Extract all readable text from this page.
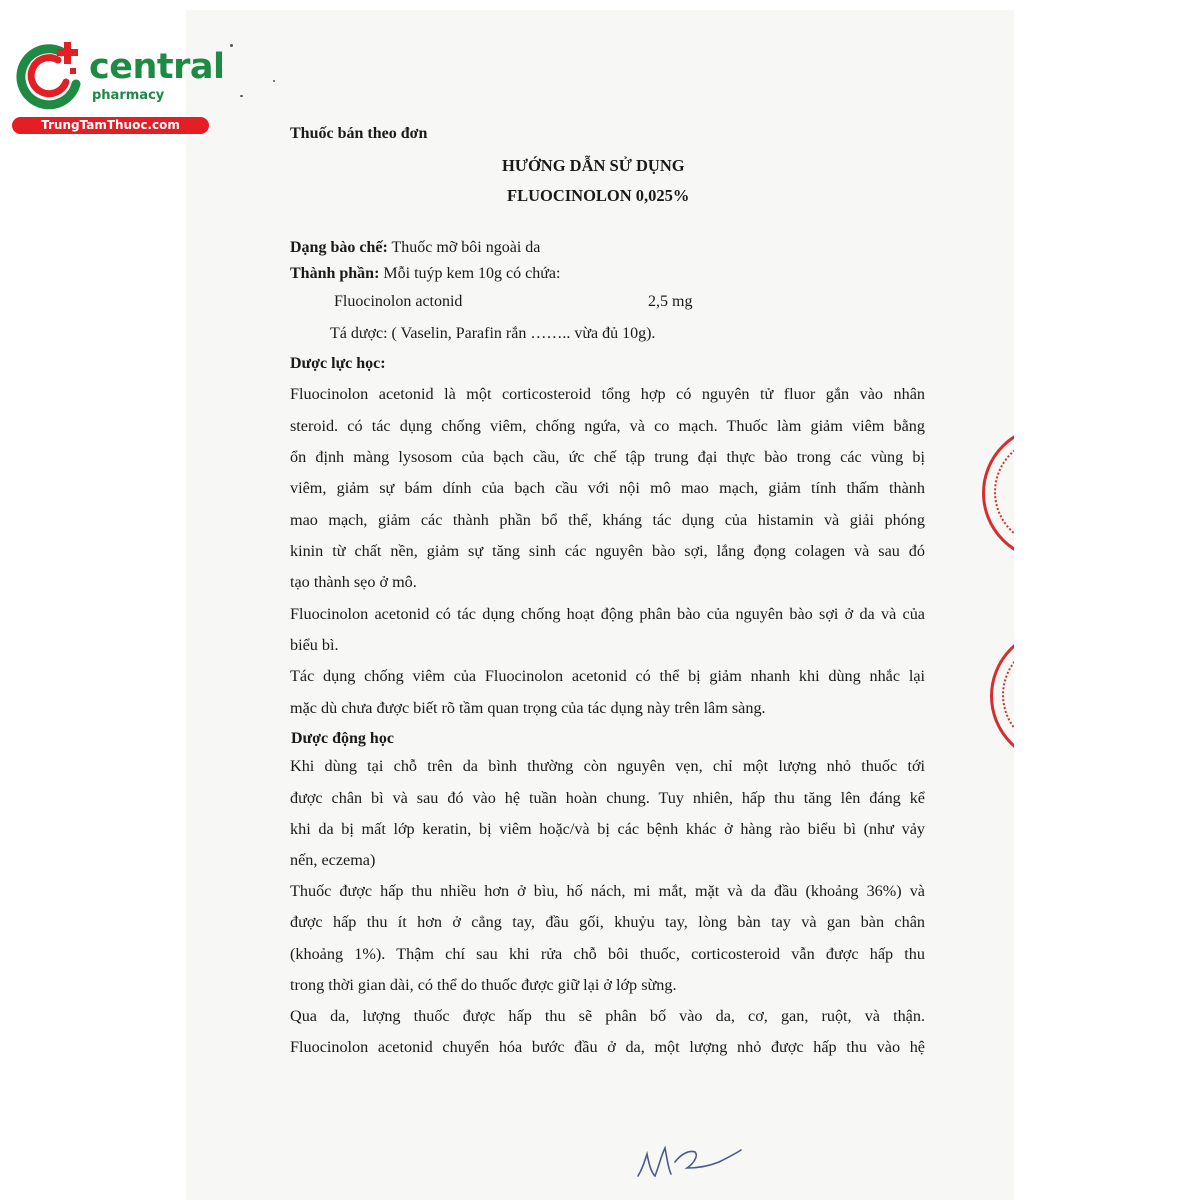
central
pharmacy
TrungTamThuoc.com	Thuốc bán theo đơn
HƯỚNG DẪN SỬ DỤNG
FLUOCINOLON 0,025%
Dạng bào chế: Thuốc mỡ bôi ngoài da
Thành phần: Mỗi tuýp kem 10g có chứa:
Fluocinolon actonid	2,5 mg
Tá dược: ( Vaselin, Parafin rắn …….. vừa đủ 10g).
Dược lực học:
Fluocinolon acetonid là một corticosteroid tổng hợp có nguyên tử fluor gắn vào nhân
steroid. có tác dụng chống viêm, chống ngứa, và co mạch. Thuốc làm giảm viêm bằng
ổn định màng lysosom của bạch cầu, ức chế tập trung đại thực bào trong các vùng bị
viêm, giảm sự bám dính của bạch cầu với nội mô mao mạch, giảm tính thấm thành
mao mạch, giảm các thành phần bổ thể, kháng tác dụng của histamin và giải phóng
kinin từ chất nền, giảm sự tăng sinh các nguyên bào sợi, lắng đọng colagen và sau đó
tạo thành sẹo ở mô.
Fluocinolon acetonid có tác dụng chống hoạt động phân bào của nguyên bào sợi ở da và của
biểu bì.
Tác dụng chống viêm của Fluocinolon acetonid có thể bị giảm nhanh khi dùng nhắc lại
mặc dù chưa được biết rõ tầm quan trọng của tác dụng này trên lâm sàng.
Dược động học
Khi dùng tại chỗ trên da bình thường còn nguyên vẹn, chỉ một lượng nhỏ thuốc tới
được chân bì và sau đó vào hệ tuần hoàn chung. Tuy nhiên, hấp thu tăng lên đáng kể
khi da bị mất lớp keratin, bị viêm hoặc/và bị các bệnh khác ở hàng rào biểu bì (như vảy
nến, eczema)
Thuốc được hấp thu nhiều hơn ở bìu, hố nách, mi mắt, mặt và da đầu (khoảng 36%) và
được hấp thu ít hơn ở cẳng tay, đầu gối, khuỷu tay, lòng bàn tay và gan bàn chân
(khoảng 1%). Thậm chí sau khi rửa chỗ bôi thuốc, corticosteroid vẫn được hấp thu
trong thời gian dài, có thể do thuốc được giữ lại ở lớp sừng.
Qua da, lượng thuốc được hấp thu sẽ phân bố vào da, cơ, gan, ruột, và thận.
Fluocinolon acetonid chuyển hóa bước đầu ở da, một lượng nhỏ được hấp thu vào hệ
